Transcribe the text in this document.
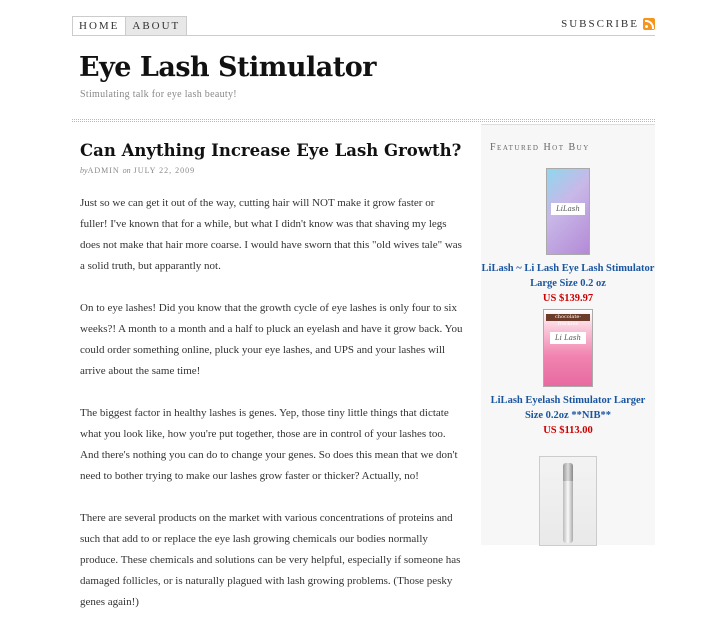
HOME	ABOUT	SUBSCRIBE
Eye Lash Stimulator
Stimulating talk for eye lash beauty!
Can Anything Increase Eye Lash Growth?
byADMIN on JULY 22, 2009

Just so we can get it out of the way, cutting hair will NOT make it grow faster or fuller! I've known that for a while, but what I didn't know was that shaving my legs does not make that hair more coarse. I would have sworn that this "old wives tale" was a solid truth, but apparantly not.

On to eye lashes! Did you know that the growth cycle of eye lashes is only four to six weeks?! A month to a month and a half to pluck an eyelash and have it grow back. You could order something online, pluck your eye lashes, and UPS and your lashes will arrive about the same time!

The biggest factor in healthy lashes is genes. Yep, those tiny little things that dictate what you look like, how you're put together, those are in control of your lashes too. And there's nothing you can do to change your genes. So does this mean that we don't need to bother trying to make our lashes grow faster or thicker? Actually, no!

There are several products on the market with various concentrations of proteins and such that add to or replace the eye lash growing chemicals our bodies normally produce. These chemicals and solutions can be very helpful, especially if someone has damaged follicles, or is naturally plagued with lash growing problems. (Those pesky genes again!)

Featured Hot Buy
LiLash
LiLash ~ Li Lash Eye Lash Stimulator Large Size 0.2 oz
US $139.97
chocolate-freckles
Li Lash
LiLash Eyelash Stimulator Larger Size 0.2oz **NIB**
US $113.00
